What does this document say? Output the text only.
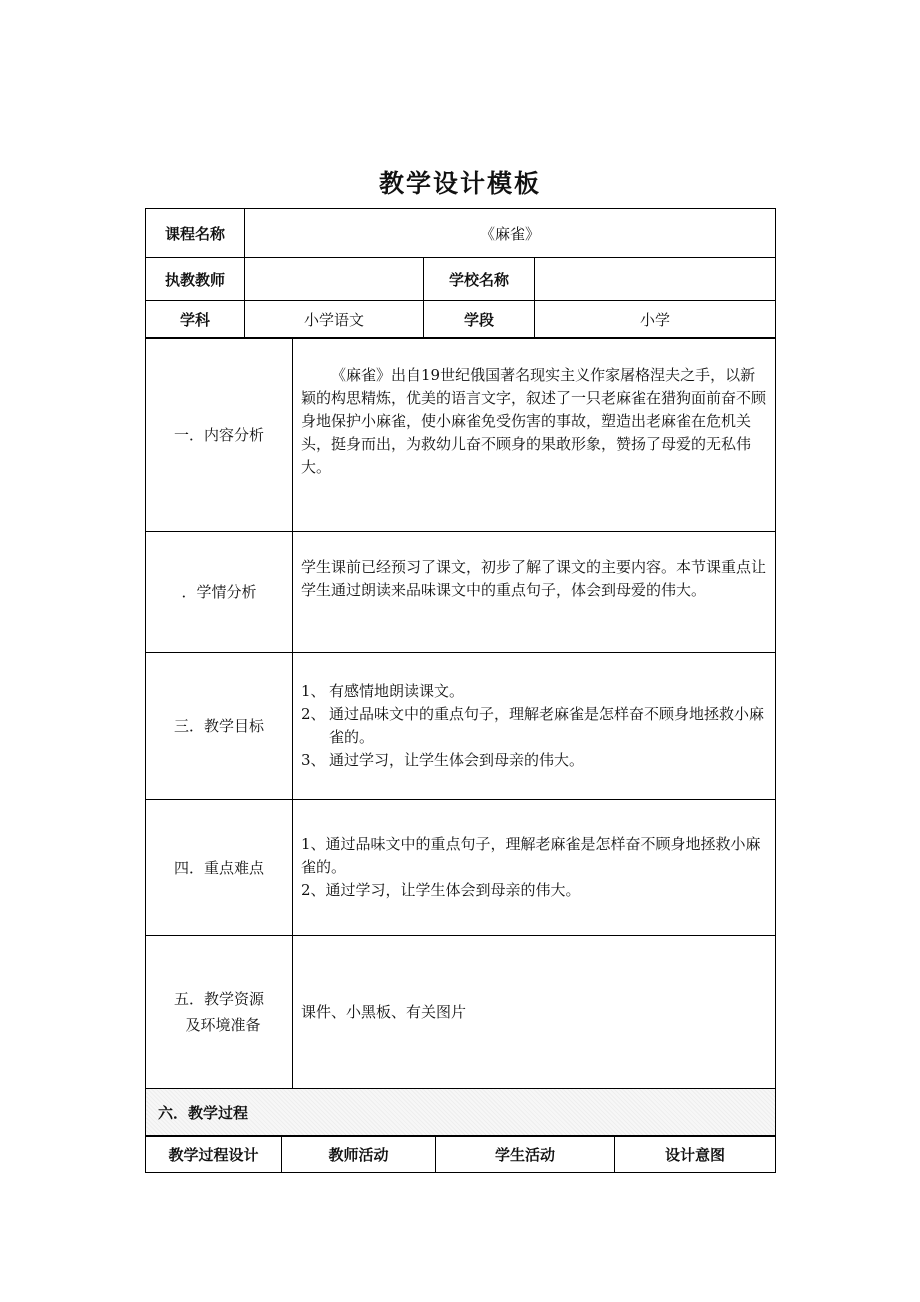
教学设计模板
课程名称	《麻雀》		
执教教师		学校名称	
学科	小学语文	学段	小学
一．内容分析	《麻雀》出自19世纪俄国著名现实主义作家屠格涅夫之手，以新颖的构思精炼，优美的语言文字，叙述了一只老麻雀在猎狗面前奋不顾身地保护小麻雀，使小麻雀免受伤害的事故，塑造出老麻雀在危机关头，挺身而出，为救幼儿奋不顾身的果敢形象，赞扬了母爱的无私伟大。

．学情分析	学生课前已经预习了课文，初步了解了课文的主要内容。本节课重点让学生通过朗读来品味课文中的重点句子，体会到母爱的伟大。

三．教学目标	1、 有感情地朗读课文。

2、 通过品味文中的重点句子，理解老麻雀是怎样奋不顾身地拯救小麻雀的。

3、 通过学习，让学生体会到母亲的伟大。

四．重点难点	1、通过品味文中的重点句子，理解老麻雀是怎样奋不顾身地拯救小麻雀的。

2、通过学习，让学生体会到母亲的伟大。

五．教学资源
及环境准备	课件、小黑板、有关图片

六．教学过程	
教学过程设计	教师活动	学生活动	设计意图
